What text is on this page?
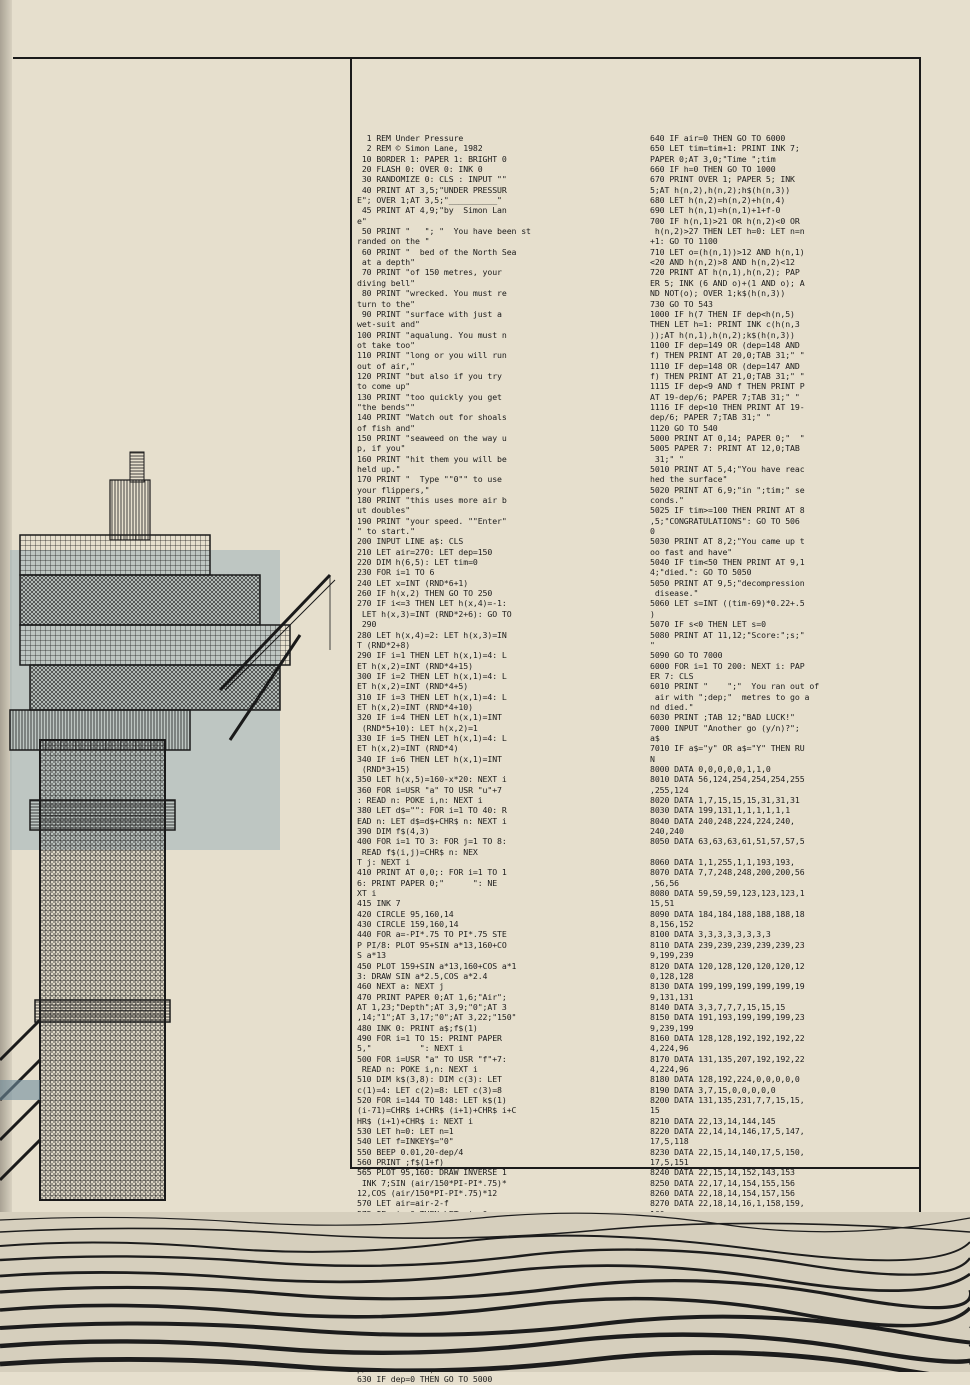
1 REM Under Pressure
2 REM © Simon Lane, 1982
10 BORDER 1: PAPER 1: BRIGHT 0
20 FLASH 0: OVER 0: INK 0
30 RANDOMIZE 0: CLS : INPUT ""
40 PRINT AT 3,5;"UNDER PRESSUR
E"; OVER 1;AT 3,5;"__________"
45 PRINT AT 4,9;"by  Simon Lan
e"
50 PRINT "   "; "  You have been st
randed on the "
60 PRINT "  bed of the North Sea
at a depth"
70 PRINT "of 150 metres, your
diving bell"
80 PRINT "wrecked. You must re
turn to the"
90 PRINT "surface with just a
wet-suit and"
100 PRINT "aqualung. You must n
ot take too"
110 PRINT "long or you will run
out of air,"
120 PRINT "but also if you try
to come up"
130 PRINT "too quickly you get
"the bends""
140 PRINT "Watch out for shoals
of fish and"
150 PRINT "seaweed on the way u
p, if you"
160 PRINT "hit them you will be
held up."
170 PRINT "  Type ""0"" to use
your flippers,"
180 PRINT "this uses more air b
ut doubles"
190 PRINT "your speed. ""Enter"
" to start."
200 INPUT LINE a$: CLS
210 LET air=270: LET dep=150
220 DIM h(6,5): LET tim=0
230 FOR i=1 TO 6
240 LET x=INT (RND*6+1)
260 IF h(x,2) THEN GO TO 250
270 IF i<=3 THEN LET h(x,4)=-1:
LET h(x,3)=INT (RND*2+6): GO TO
290
280 LET h(x,4)=2: LET h(x,3)=IN
T (RND*2+8)
290 IF i=1 THEN LET h(x,1)=4: L
ET h(x,2)=INT (RND*4+15)
300 IF i=2 THEN LET h(x,1)=4: L
ET h(x,2)=INT (RND*4+5)
310 IF i=3 THEN LET h(x,1)=4: L
ET h(x,2)=INT (RND*4+10)
320 IF i=4 THEN LET h(x,1)=INT
(RND*5+10): LET h(x,2)=1
330 IF i=5 THEN LET h(x,1)=4: L
ET h(x,2)=INT (RND*4)
340 IF i=6 THEN LET h(x,1)=INT
(RND*3+15)
350 LET h(x,5)=160-x*20: NEXT i
360 FOR i=USR "a" TO USR "u"+7
: READ n: POKE i,n: NEXT i
380 LET d$="": FOR i=1 TO 40: R
EAD n: LET d$=d$+CHR$ n: NEXT i
390 DIM f$(4,3)
400 FOR i=1 TO 3: FOR j=1 TO 8:
READ f$(i,j)=CHR$ n: NEX
T j: NEXT i
410 PRINT AT 0,0;: FOR i=1 TO 1
6: PRINT PAPER 0;"      ": NE
XT i
415 INK 7
420 CIRCLE 95,160,14
430 CIRCLE 159,160,14
440 FOR a=-PI*.75 TO PI*.75 STE
P PI/8: PLOT 95+SIN a*13,160+CO
S a*13
450 PLOT 159+SIN a*13,160+COS a*1
3: DRAW SIN a*2.5,COS a*2.4
460 NEXT a: NEXT j
470 PRINT PAPER 0;AT 1,6;"Air";
AT 1,23;"Depth";AT 3,9;"0";AT 3
,14;"1";AT 3,17;"0";AT 3,22;"150"
480 INK 0: PRINT a$;f$(1)
490 FOR i=1 TO 15: PRINT PAPER
5,"          ": NEXT i
500 FOR i=USR "a" TO USR "f"+7:
READ n: POKE i,n: NEXT i
510 DIM k$(3,8): DIM c(3): LET
c(1)=4: LET c(2)=8: LET c(3)=8
520 FOR i=144 TO 148: LET k$(1)
(i-71)=CHR$ i+CHR$ (i+1)+CHR$ i+C
HR$ (i+1)+CHR$ i: NEXT i
530 LET h=0: LET n=1
540 LET f=INKEY$="0"
550 BEEP 0.01,20-dep/4
560 PRINT ;f$(1+f)
565 PLOT 95,160: DRAW INVERSE 1
INK 7;SIN (air/150*PI-PI*.75)*
12,COS (air/150*PI-PI*.75)*12
570 LET air=air-2-f
630 IF dep=0 THEN GO TO 5000
640 IF air=0 THEN GO TO 6000
650 LET tim=tim+1: PRINT INK 7;
PAPER 0;AT 3,0;"Time ";tim
660 IF h=0 THEN GO TO 1000
670 PRINT OVER 1; PAPER 5; INK
5;AT h(n,2),h(n,2);h$(h(n,3))
680 LET h(n,2)=h(n,2)+h(n,4)
690 LET h(n,1)=h(n,1)+1+f-0
700 IF h(n,1)>21 OR h(n,2)<0 OR
h(n,2)>27 THEN LET h=0: LET n=n
+1: GO TO 1100
710 LET o=(h(n,1))>12 AND h(n,1)
<20 AND h(n,2)>8 AND h(n,2)<12
720 PRINT AT h(n,1),h(n,2); PAP
ER 5; INK (6 AND o)+(1 AND o); A
ND NOT(o); OVER 1;k$(h(n,3))
730 GO TO 543
1000 IF h(7 THEN IF dep<h(n,5)
THEN LET h=1: PRINT INK c(h(n,3
));AT h(n,1),h(n,2);k$(h(n,3))
1100 IF dep=149 OR (dep=148 AND
f) THEN PRINT AT 20,0;TAB 31;" "
1110 IF dep=148 OR (dep=147 AND
f) THEN PRINT AT 21,0;TAB 31;" "
1115 IF dep<9 AND f THEN PRINT P
AT 19-dep/6; PAPER 7;TAB 31;" "
1116 IF dep<10 THEN PRINT AT 19-
dep/6; PAPER 7;TAB 31;" "
1120 GO TO 540
5000 PRINT AT 0,14; PAPER 0;"  "
5005 PAPER 7: PRINT AT 12,0;TAB
31;" "
5010 PRINT AT 5,4;"You have reac
hed the surface"
5020 PRINT AT 6,9;"in ";tim;" se
conds."
5025 IF tim>=100 THEN PRINT AT 8
,5;"CONGRATULATIONS": GO TO 506
0
5030 PRINT AT 8,2;"You came up t
oo fast and have"
5040 IF tim<50 THEN PRINT AT 9,1
4;"died.": GO TO 5050
5050 PRINT AT 9,5;"decompression
disease."
5060 LET s=INT ((tim-69)*0.22+.5
)
5070 IF s<0 THEN LET s=0
5080 PRINT AT 11,12;"Score:";s;"
"
5090 GO TO 7000
6000 FOR i=1 TO 200: NEXT i: PAP
ER 7: CLS
6010 PRINT "    ";"  You ran out of
air with ";dep;"  metres to go a
nd died."
6030 PRINT ;TAB 12;"BAD LUCK!"
7000 INPUT "Another go (y/n)?";
a$
7010 IF a$="y" OR a$="Y" THEN RU
N
8000 DATA 0,0,0,0,0,1,1,0
8010 DATA 56,124,254,254,254,255
,255,124
8020 DATA 1,7,15,15,15,31,31,31
8030 DATA 199,131,1,1,1,1,1,1
8040 DATA 240,248,224,224,240,
240,240
8050 DATA 63,63,63,61,51,57,57,5

8060 DATA 1,1,255,1,1,193,193,
8070 DATA 7,7,248,248,200,200,56
,56,56
8080 DATA 59,59,59,123,123,123,1
15,51
8090 DATA 184,184,188,188,188,18
8,156,152
8100 DATA 3,3,3,3,3,3,3,3
8110 DATA 239,239,239,239,239,23
9,199,239
8120 DATA 120,128,120,120,120,12
0,128,128
8130 DATA 199,199,199,199,199,19
9,131,131
8140 DATA 3,3,7,7,7,15,15,15
8150 DATA 191,193,199,199,199,23
9,239,199
8160 DATA 128,128,192,192,192,22
4,224,96
8170 DATA 131,135,207,192,192,22
4,224,96
8180 DATA 128,192,224,0,0,0,0,0
8190 DATA 3,7,15,0,0,0,0,0
8200 DATA 131,135,231,7,7,15,15,
15
8210 DATA 22,13,14,144,145
8220 DATA 22,14,14,146,17,5,147,
17,5,118
8230 DATA 22,15,14,140,17,5,150,
17,5,151
8240 DATA 22,15,14,152,143,153
8250 DATA 22,17,14,154,155,156
8260 DATA 22,18,14,154,157,156
8270 DATA 22,18,14,16,1,158,159,
